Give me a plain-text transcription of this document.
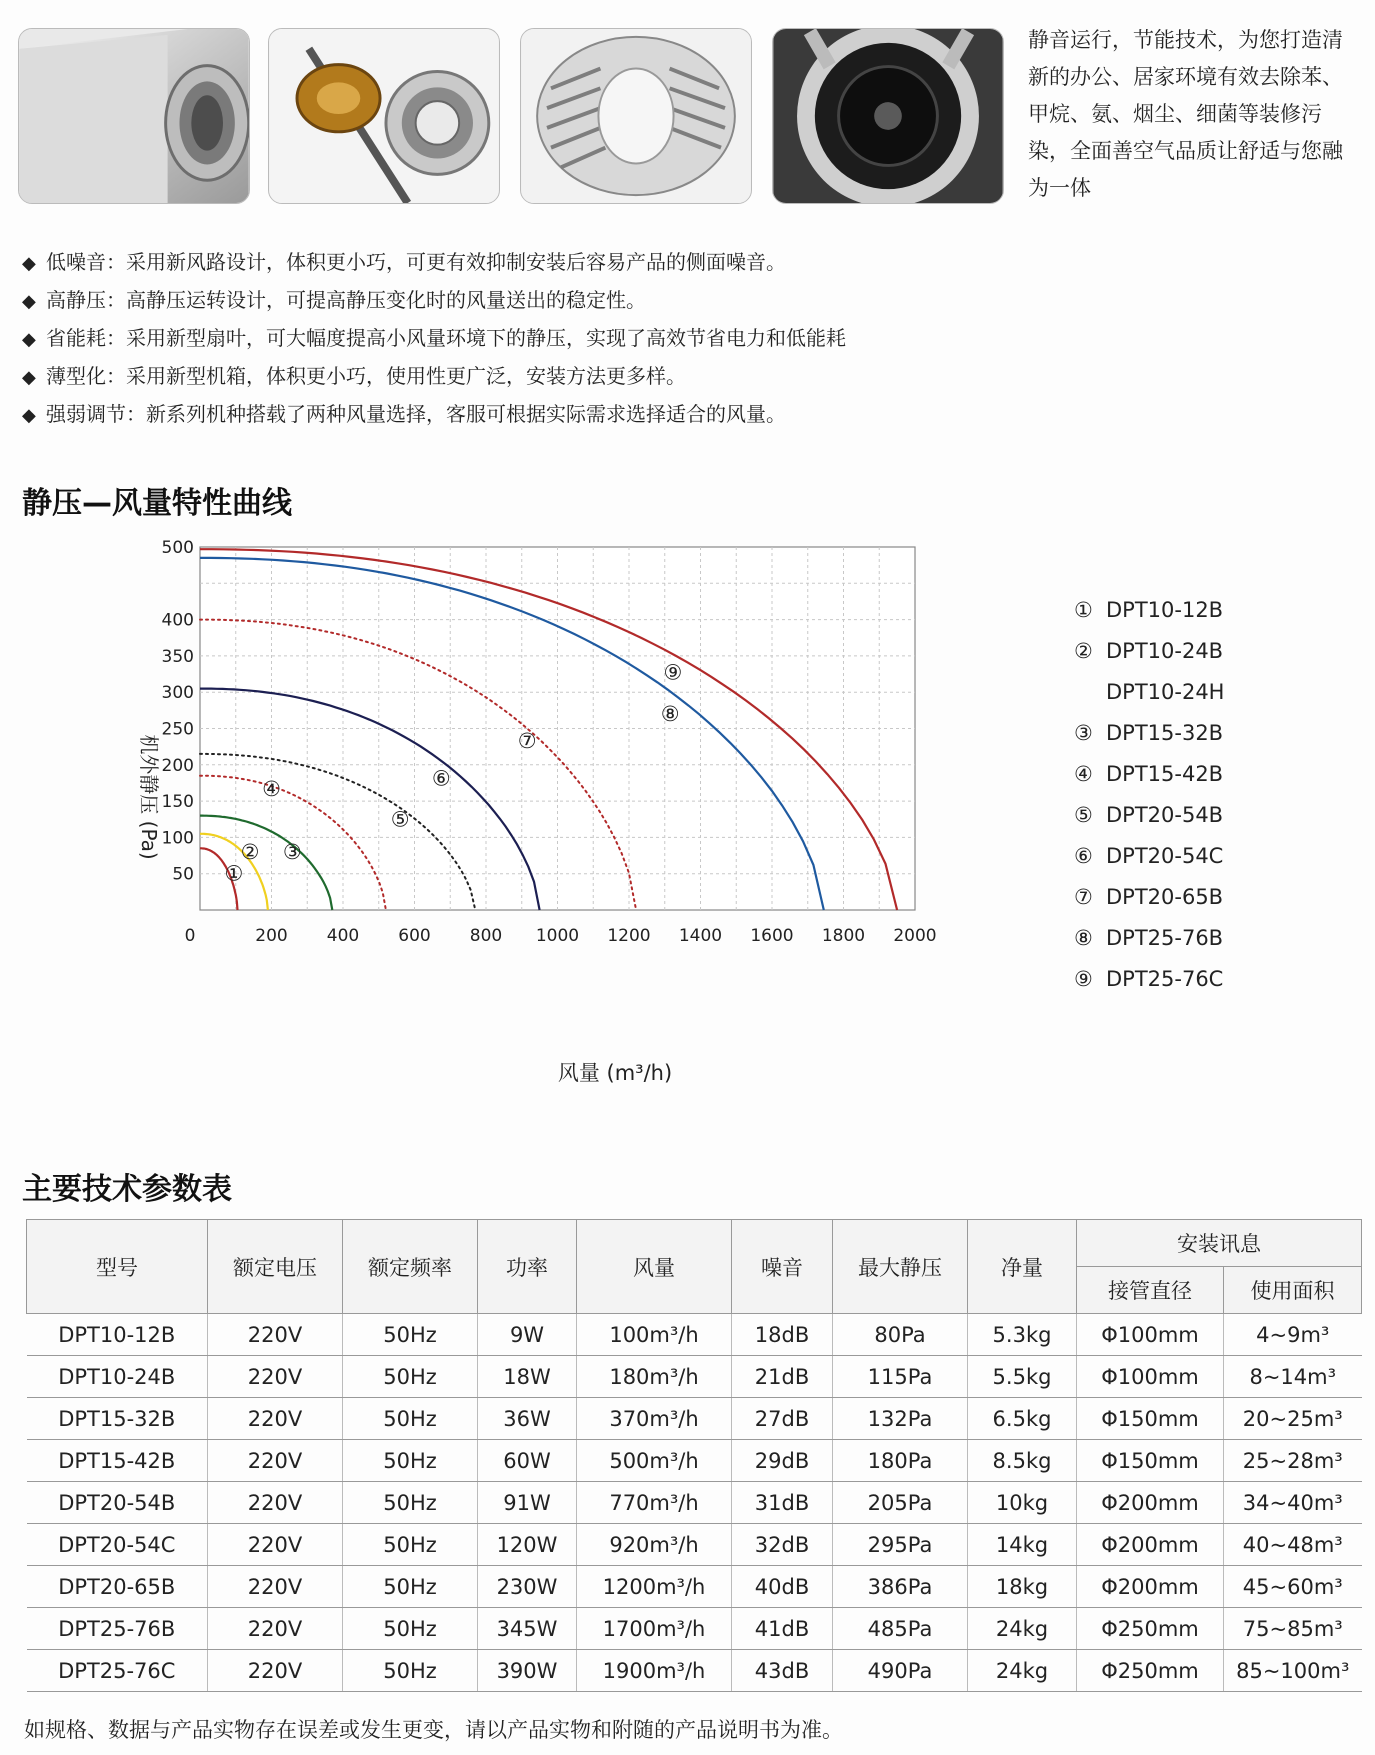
静音运行，节能技术，为您打造清新的办公、居家环境有效去除苯、甲烷、氨、烟尘、细菌等装修污染，全面善空气品质让舒适与您融为一体
◆ 低噪音：采用新风路设计，体积更小巧，可更有效抑制安装后容易产品的侧面噪音。
◆ 高静压：高静压运转设计，可提高静压变化时的风量送出的稳定性。
◆ 省能耗：采用新型扇叶，可大幅度提高小风量环境下的静压，实现了高效节省电力和低能耗
◆ 薄型化：采用新型机箱，体积更小巧，使用性更广泛，安装方法更多样。
◆ 强弱调节：新系列机种搭载了两种风量选择，客服可根据实际需求选择适合的风量。
静压—风量特性曲线
①
② ③
④
⑤
⑥
⑦
⑧
⑨
0	200 400 600 800 1000 1200 1400 1600 1800 2000
50
100
150
200
250
300
350
400
500
风量 (m³/h)
机外静压 (Pa)
① DPT10-12B
② DPT10-24B
DPT10-24H
③ DPT15-32B
④ DPT15-42B
⑤ DPT20-54B
⑥ DPT20-54C
⑦ DPT20-65B
⑧ DPT25-76B
⑨ DPT25-76C
主要技术参数表
型号	额定电压	额定频率	功率	风量	噪音	最大静压	净量	安装讯息	
								接管直径	使用面积
DPT10-12B	220V	50Hz	9W	100m³/h	18dB	80Pa	5.3kg	Φ100mm	4~9m³
DPT10-24B	220V	50Hz	18W	180m³/h	21dB	115Pa	5.5kg	Φ100mm	8~14m³
DPT15-32B	220V	50Hz	36W	370m³/h	27dB	132Pa	6.5kg	Φ150mm	20~25m³
DPT15-42B	220V	50Hz	60W	500m³/h	29dB	180Pa	8.5kg	Φ150mm	25~28m³
DPT20-54B	220V	50Hz	91W	770m³/h	31dB	205Pa	10kg	Φ200mm	34~40m³
DPT20-54C	220V	50Hz	120W	920m³/h	32dB	295Pa	14kg	Φ200mm	40~48m³
DPT20-65B	220V	50Hz	230W	1200m³/h	40dB	386Pa	18kg	Φ200mm	45~60m³
DPT25-76B	220V	50Hz	345W	1700m³/h	41dB	485Pa	24kg	Φ250mm	75~85m³
DPT25-76C	220V	50Hz	390W	1900m³/h	43dB	490Pa	24kg	Φ250mm	85~100m³
如规格、数据与产品实物存在误差或发生更变，请以产品实物和附随的产品说明书为准。
